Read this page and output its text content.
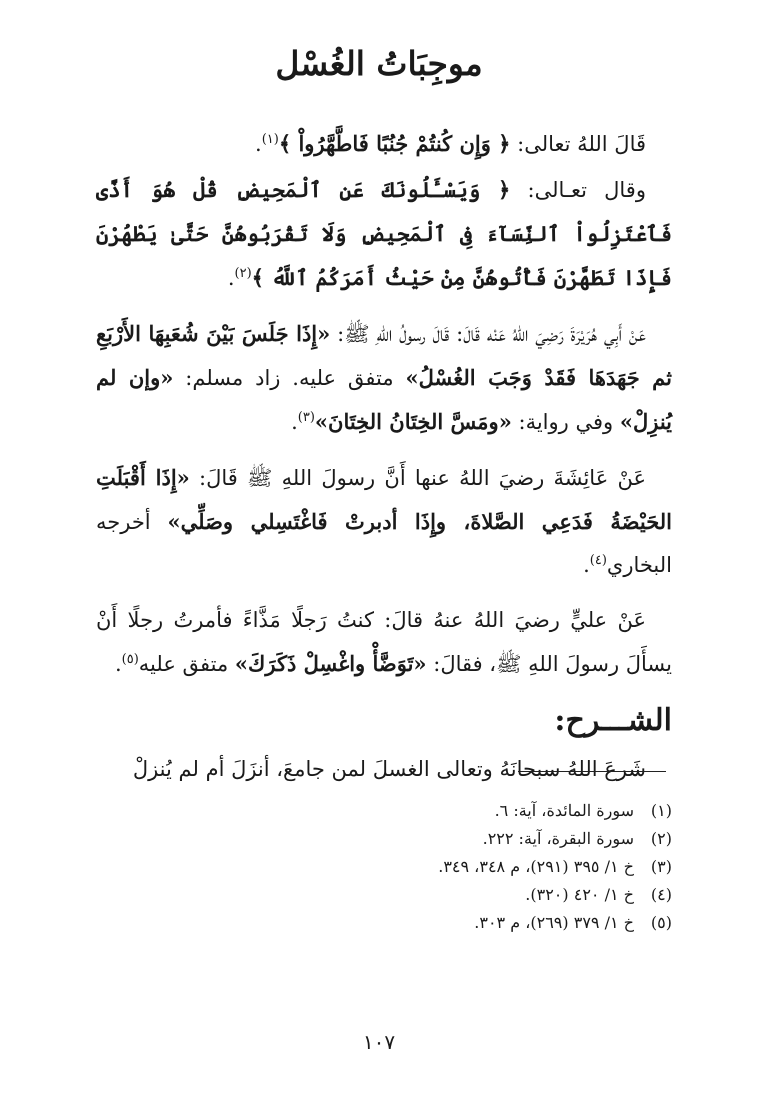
موجِبَاتُ الغُسْل

قَالَ اللهُ تعالى: ﴿ وَإِن كُنتُمْ جُنُبًا فَاطَّهَّرُواْ ﴾$^{(١)}$.

وقال تعـالى: ﴿ وَيَسْـَٔلُونَكَ عَنِ ٱلْمَحِيضِ قُلْ هُوَ أَذًى فَٱعْتَزِلُواْ ٱلنِّسَآءَ فِى ٱلْمَحِيضِ وَلَا تَقْرَبُوهُنَّ حَتَّىٰ يَطْهُرْنَ فَإِذَا تَطَهَّرْنَ فَأْتُوهُنَّ مِنْ حَيْثُ أَمَرَكُمُ ٱللَّهُ ﴾$^{(٢)}$.

عَنْ أَبِي هُرَيْرَةَ رَضِيَ اللهُ عَنْه قَالَ: قَالَ رسولُ اللهِ ﷺ: «إِذَا جَلَسَ بَيْنَ شُعَبِهَا الأَرْبَعِ ثم جَهَدَهَا فَقَدْ وَجَبَ الغُسْلُ» متفق عليه. زاد مسلم: «وإن لم يُنزِلْ» وفي رواية: «ومَسَّ الخِتَانُ الخِتَانَ»$^{(٣)}$.

عَنْ عَائِشَةَ رضيَ اللهُ عنها أَنَّ رسولَ اللهِ ﷺ قَالَ: «إِذَا أَقْبَلَتِ الحَيْضَةُ فَدَعِي الصَّلاةَ، وإِذَا أدبرتْ فَاغْتَسِلي وصَلِّي» أخرجه البخاري$^{(٤)}$.

عَنْ عليٍّ رضيَ اللهُ عنهُ قالَ: كنتُ رَجلًا مَذَّاءً فأمرتُ رجلًا أَنْ يسأَلَ رسولَ اللهِ ﷺ، فقالَ: «تَوَضَّأْ واغْسِلْ ذَكَرَكَ» متفق عليه$^{(٥)}$.

الشـــرح:

شَرعَ اللهُ سبحانَهُ وتعالى الغسلَ لمن جامعَ، أنزَلَ أم لم يُنزلْ

(١)
سورة المائدة، آية: ٦.
(٢)
سورة البقرة، آية: ٢٢٢.
(٣)
خ ١/ ٣٩٥ (٢٩١)، م ٣٤٨، ٣٤٩.
(٤)
خ ١/ ٤٢٠ (٣٢٠).
(٥)
خ ١/ ٣٧٩ (٢٦٩)، م ٣٠٣.

١٠٧
